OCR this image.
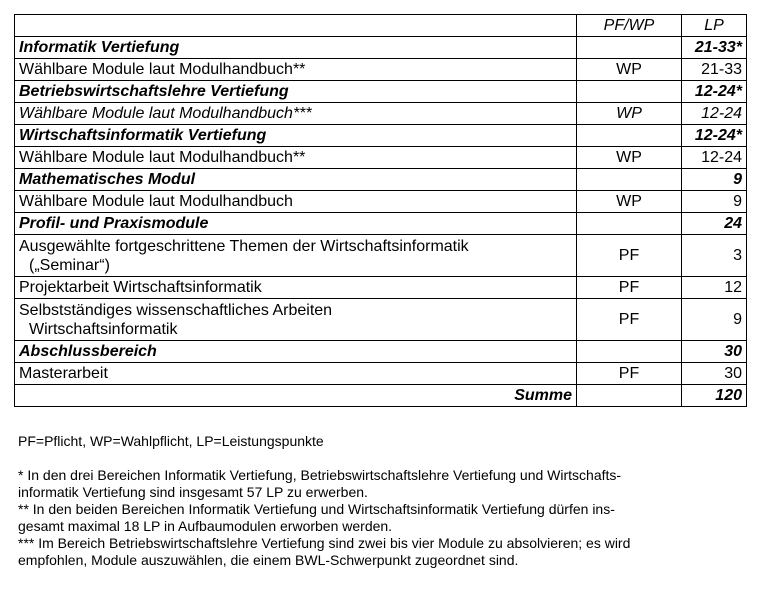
	PF/WP	LP
Informatik Vertiefung		21-33*
Wählbare Module laut Modulhandbuch**	WP	21-33
Betriebswirtschaftslehre Vertiefung		12-24*
Wählbare Module laut Modulhandbuch***	WP	12-24
Wirtschaftsinformatik Vertiefung		12-24*
Wählbare Module laut Modulhandbuch**	WP	12-24
Mathematisches Modul		9
Wählbare Module laut Modulhandbuch	WP	9
Profil- und Praxismodule		24
Ausgewählte fortgeschrittene Themen der Wirtschaftsinformatik
(„Seminar“)	PF	3
Projektarbeit Wirtschaftsinformatik	PF	12
Selbstständiges wissenschaftliches Arbeiten
Wirtschaftsinformatik	PF	9
Abschlussbereich		30
Masterarbeit	PF	30
Summe		120

PF=Pflicht, WP=Wahlpflicht, LP=Leistungspunkte

* In den drei Bereichen Informatik Vertiefung, Betriebswirtschaftslehre Vertiefung und Wirtschafts-

informatik Vertiefung sind insgesamt 57 LP zu erwerben.

** In den beiden Bereichen Informatik Vertiefung und Wirtschaftsinformatik Vertiefung dürfen ins-

gesamt maximal 18 LP in Aufbaumodulen erworben werden.

*** Im Bereich Betriebswirtschaftslehre Vertiefung sind zwei bis vier Module zu absolvieren; es wird

empfohlen, Module auszuwählen, die einem BWL-Schwerpunkt zugeordnet sind.
